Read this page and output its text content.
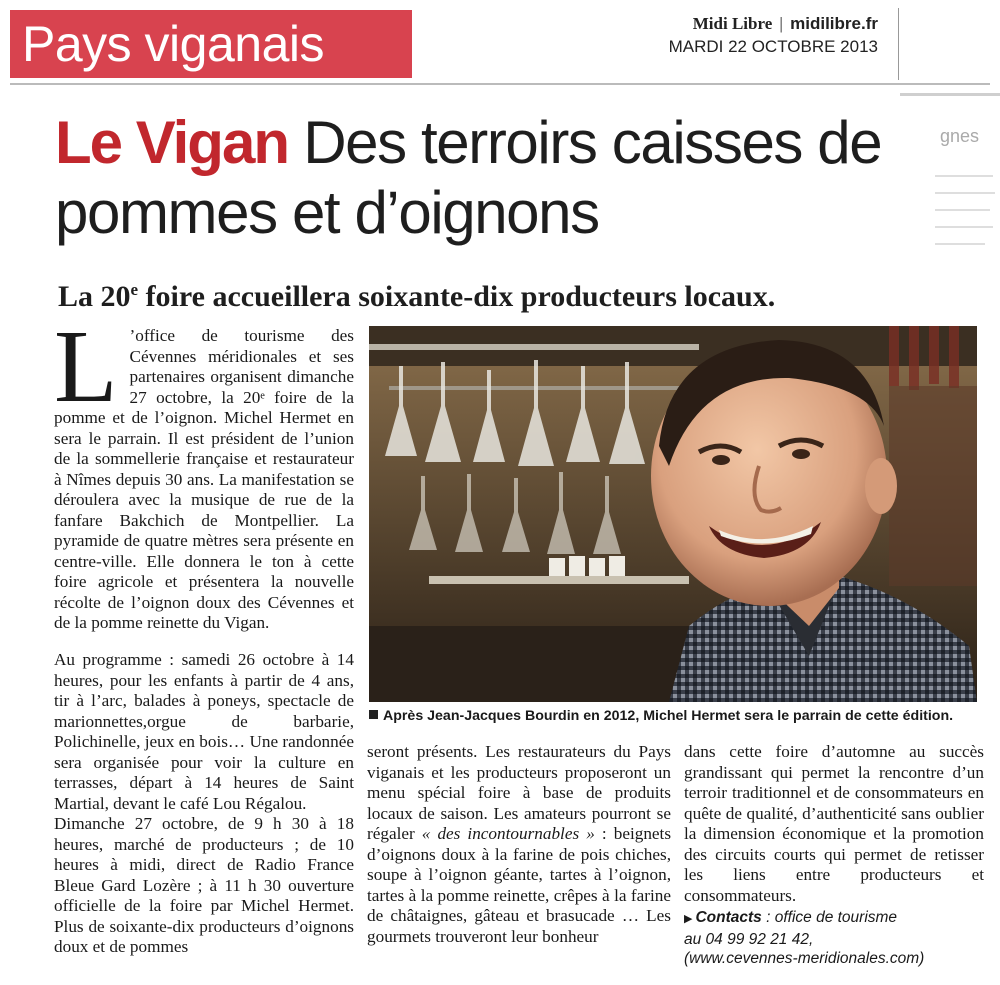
Pays viganais	Midi Libre | midilibre.fr
MARDI 22 OCTOBRE 2013
gnes
Le Vigan Des terroirs caisses de pommes et d’oignons
La 20e foire accueillera soixante-dix producteurs locaux.
L ’office de tourisme des Cévennes méridionales et ses partenaires organisent dimanche 27 octobre, la 20ᵉ foire de la pomme et de l’oignon. Michel Hermet en sera le parrain. Il est président de l’union de la sommellerie française et restaurateur à Nîmes depuis 30 ans. La manifestation se déroulera avec la musique de rue de la fanfare Bakchich de Montpellier. La pyramide de quatre mètres sera présente en centre-ville. Elle donnera le ton à cette foire agricole et présentera la nouvelle récolte de l’oignon doux des Cévennes et de la pomme reinette du Vigan.

Au programme : samedi 26 octobre à 14 heures, pour les enfants à partir de 4 ans, tir à l’arc, balades à poneys, spectacle de marionnettes,orgue de barbarie, Polichinelle, jeux en bois… Une randonnée sera organisée pour voir la culture en terrasses, départ à 14 heures de Saint Martial, devant le café Lou Régalou.

Dimanche 27 octobre, de 9 h 30 à 18 heures, marché de producteurs ; de 10 heures à midi, direct de Radio France Bleue Gard Lozère ; à 11 h 30 ouverture officielle de la foire par Michel Hermet. Plus de soixante-dix producteurs d’oignons doux et de pommes

Après Jean-Jacques Bourdin en 2012, Michel Hermet sera le parrain de cette édition.

seront présents. Les restaurateurs du Pays viganais et les producteurs proposeront un menu spécial foire à base de produits locaux de saison. Les amateurs pourront se régaler « des incontournables » : beignets d’oignons doux à la farine de pois chiches, soupe à l’oignon géante, tartes à l’oignon, tartes à la pomme reinette, crêpes à la farine de châtaignes, gâteau et brasucade … Les gourmets trouveront leur bonheur

dans cette foire d’automne au succès grandissant qui permet la rencontre d’un terroir traditionnel et de consommateurs en quête de qualité, d’authenticité sans oublier la dimension économique et la promotion des circuits courts qui permet de retisser les liens entre producteurs et consommateurs.

▶ Contacts : office de tourisme
au 04 99 92 21 42,
(www.cevennes-meridionales.com)
